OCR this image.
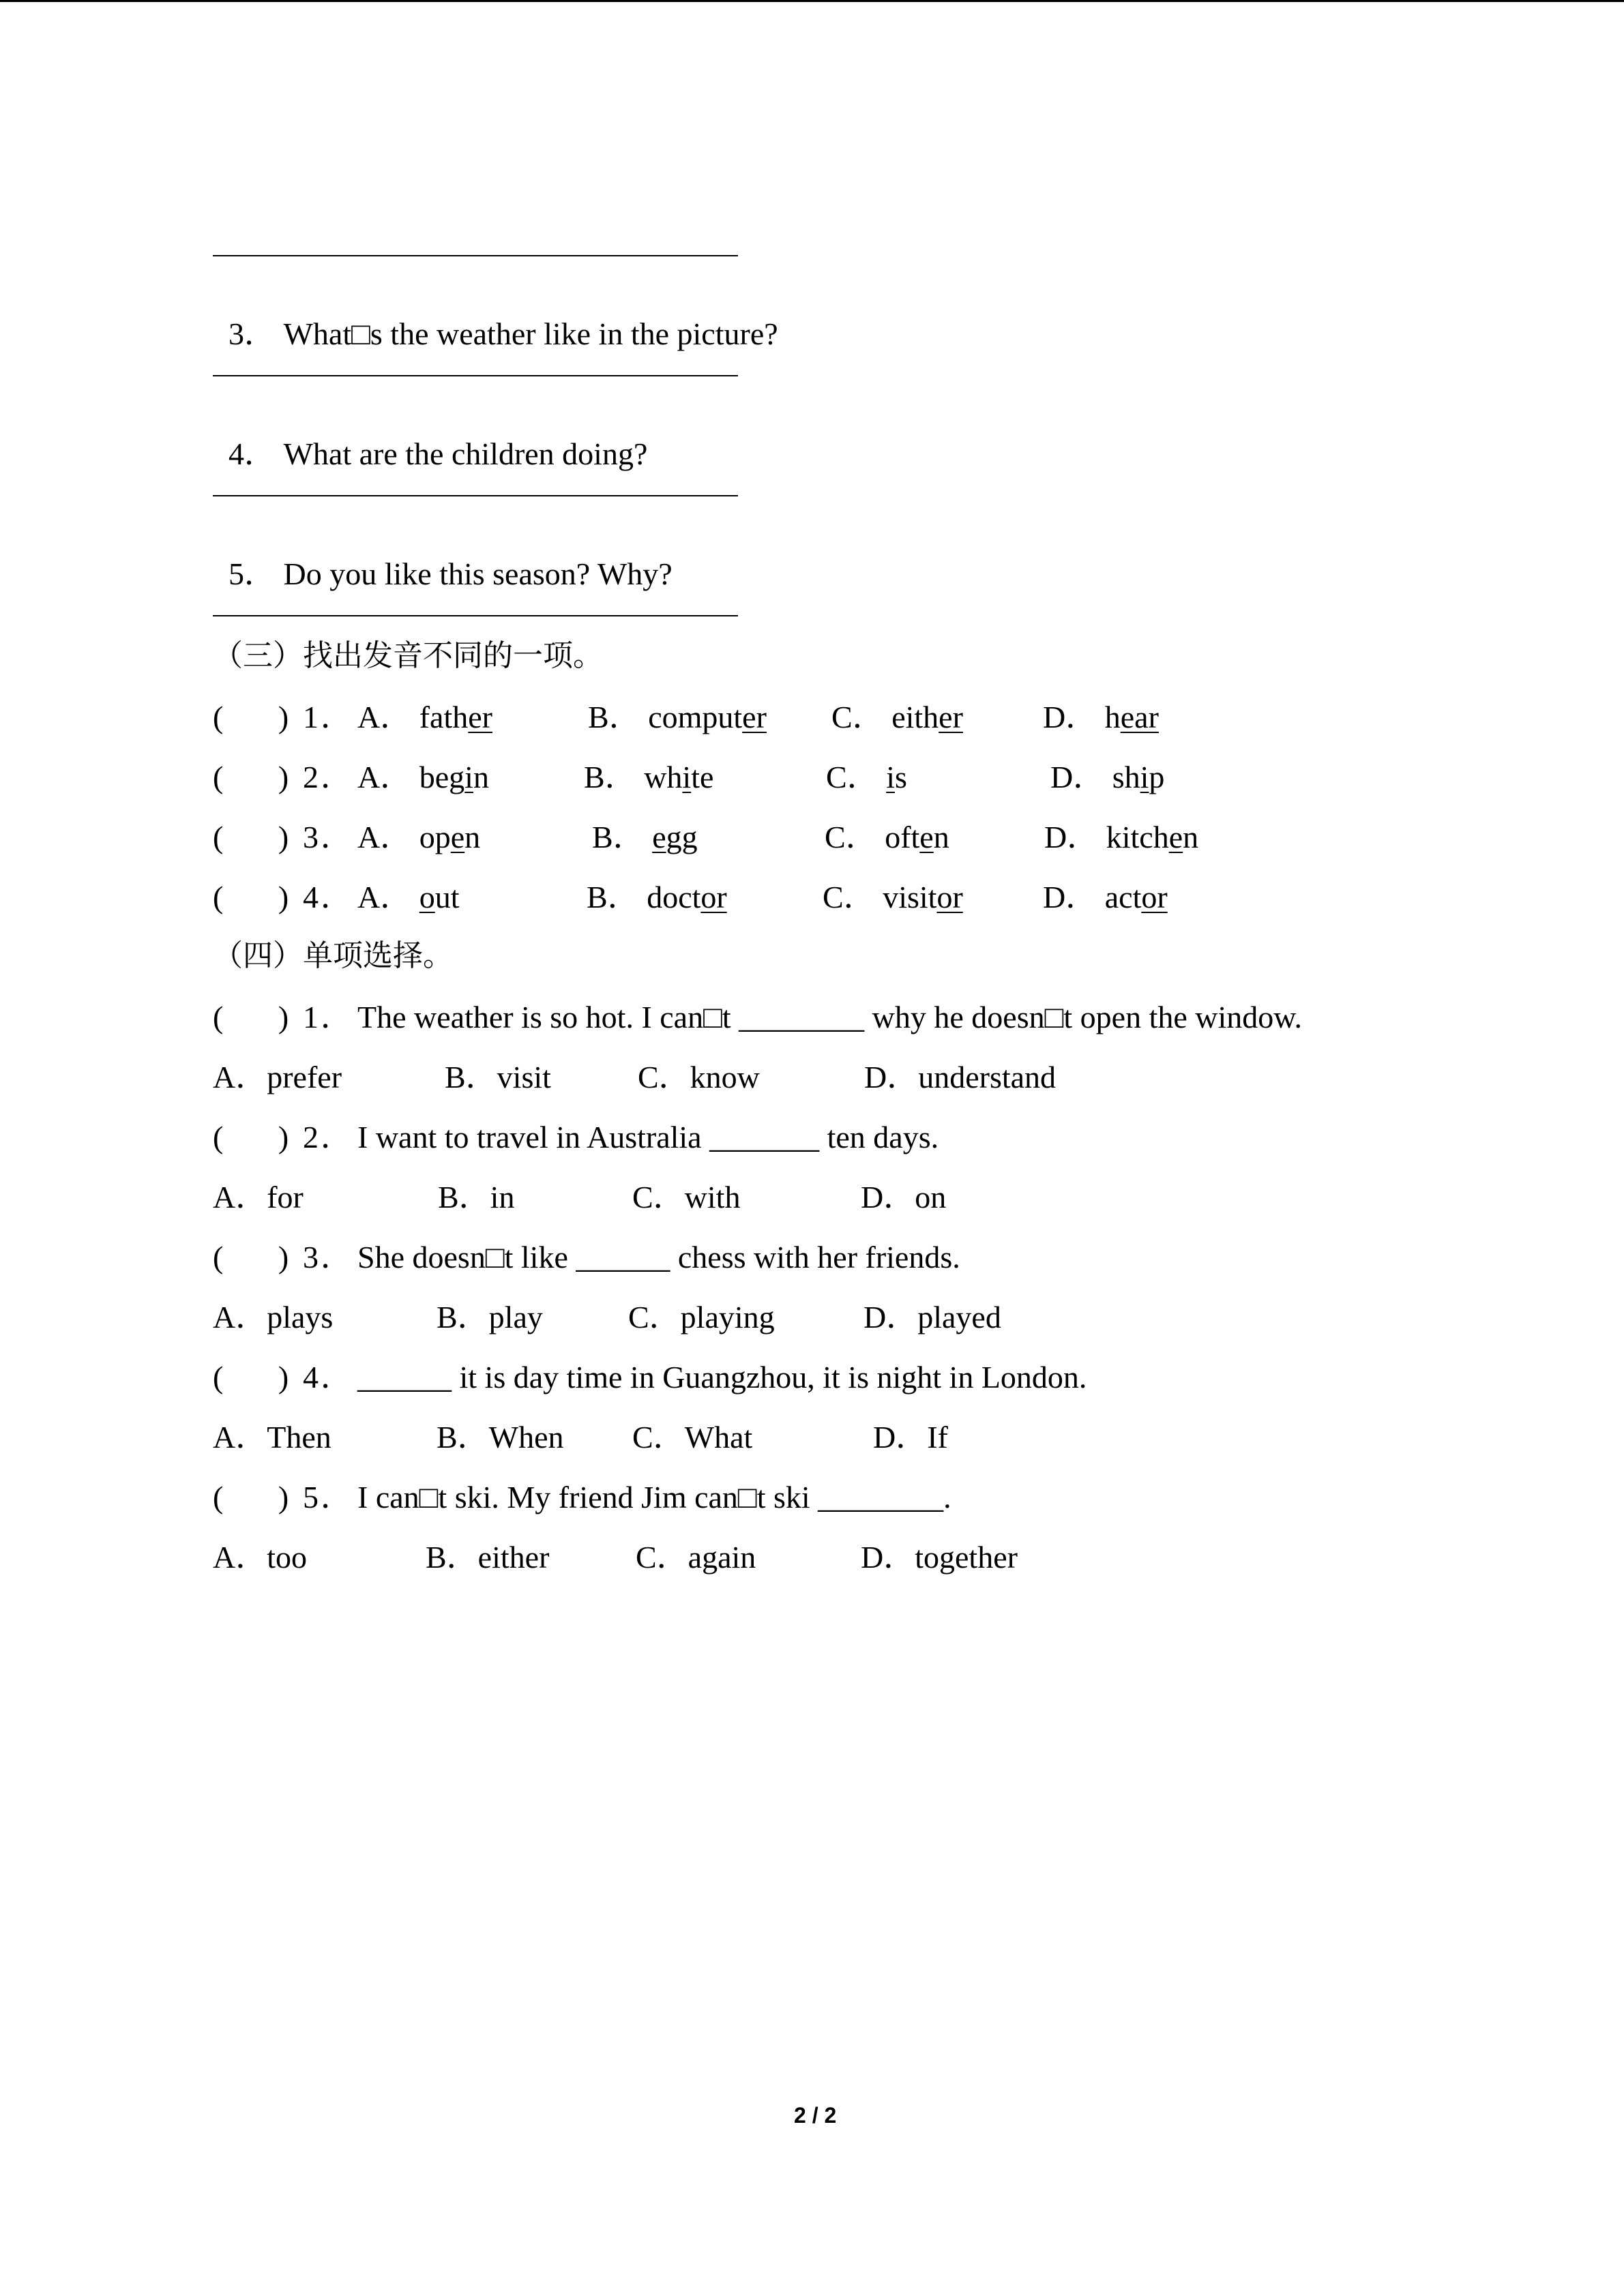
3． What□s the weather like in the picture?

4． What are the children doing?

5． Do you like this season? Why?

（三）找出发音不同的一项。
(       ) 1 ． A． father	B． computer C． either	D． hear
(       ) 2 ． A． begin	B． white	C． is	D． ship
(       ) 3 ． A． open	B． egg	C． often	D． kitchen
(       ) 4 ． A． out	B． doctor	C． visitor	D． actor
（四）单项选择。
(       ) 1 ． The weather is so hot. I can□t ________ why he doesn□t open the window.
A．prefer	B．visit	C．know	D．understand
(       ) 2 ． I want to travel in Australia _______ ten days.
A．for	B．in	C．with	D．on
(       ) 3 ． She doesn□t like ______ chess with her friends.
A．plays	B．play	C．playing	D．played
(       ) 4 ． ______ it is day time in Guangzhou, it is night in London.
A．Then	B．When C．What	D．If
(       ) 5 ． I can□t ski. My friend Jim can□t ski ________.
A．too	B．either	C．again	D．together
2 / 2
